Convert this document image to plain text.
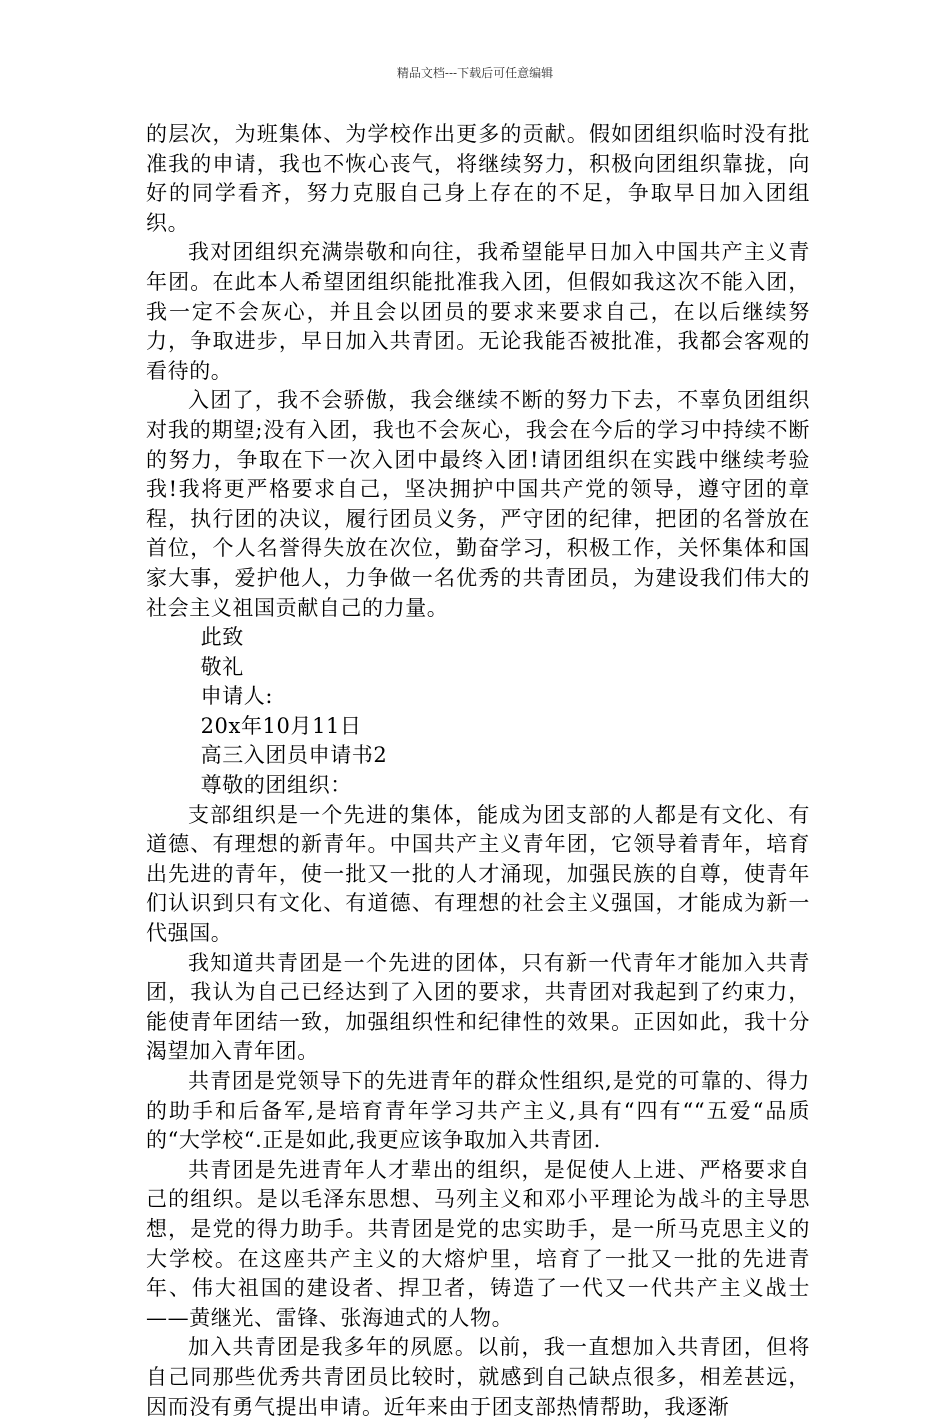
精品文档---下载后可任意编辑

的层次，为班集体、为学校作出更多的贡献。假如团组织临时没有批准我的申请，我也不恢心丧气，将继续努力，积极向团组织靠拢，向好的同学看齐，努力克服自己身上存在的不足，争取早日加入团组织。

我对团组织充满崇敬和向往，我希望能早日加入中国共产主义青年团。在此本人希望团组织能批准我入团，但假如我这次不能入团，我一定不会灰心，并且会以团员的要求来要求自己，在以后继续努力，争取进步，早日加入共青团。无论我能否被批准，我都会客观的看待的。

入团了，我不会骄傲，我会继续不断的努力下去，不辜负团组织对我的期望;没有入团，我也不会灰心，我会在今后的学习中持续不断的努力，争取在下一次入团中最终入团!请团组织在实践中继续考验我!我将更严格要求自己，坚决拥护中国共产党的领导，遵守团的章程，执行团的决议，履行团员义务，严守团的纪律，把团的名誉放在首位，个人名誉得失放在次位，勤奋学习，积极工作，关怀集体和国家大事，爱护他人，力争做一名优秀的共青团员，为建设我们伟大的社会主义祖国贡献自己的力量。

此致

敬礼

申请人:

20x年10月11日

高三入团员申请书2

尊敬的团组织：

支部组织是一个先进的集体，能成为团支部的人都是有文化、有道德、有理想的新青年。中国共产主义青年团，它领导着青年，培育出先进的青年，使一批又一批的人才涌现，加强民族的自尊，使青年们认识到只有文化、有道德、有理想的社会主义强国，才能成为新一代强国。

我知道共青团是一个先进的团体，只有新一代青年才能加入共青团，我认为自己已经达到了入团的要求，共青团对我起到了约束力，能使青年团结一致，加强组织性和纪律性的效果。正因如此，我十分渴望加入青年团。

共青团是党领导下的先进青年的群众性组织,是党的可靠的、得力的助手和后备军,是培育青年学习共产主义,具有“四有““五爱“品质的“大学校“.正是如此,我更应该争取加入共青团.

共青团是先进青年人才辈出的组织，是促使人上进、严格要求自己的组织。是以毛泽东思想、马列主义和邓小平理论为战斗的主导思想，是党的得力助手。共青团是党的忠实助手，是一所马克思主义的大学校。在这座共产主义的大熔炉里，培育了一批又一批的先进青年、伟大祖国的建设者、捍卫者，铸造了一代又一代共产主义战士——黄继光、雷锋、张海迪式的人物。

加入共青团是我多年的夙愿。以前，我一直想加入共青团，但将自己同那些优秀共青团员比较时，就感到自己缺点很多，相差甚远，因而没有勇气提出申请。近年来由于团支部热情帮助，我逐渐
